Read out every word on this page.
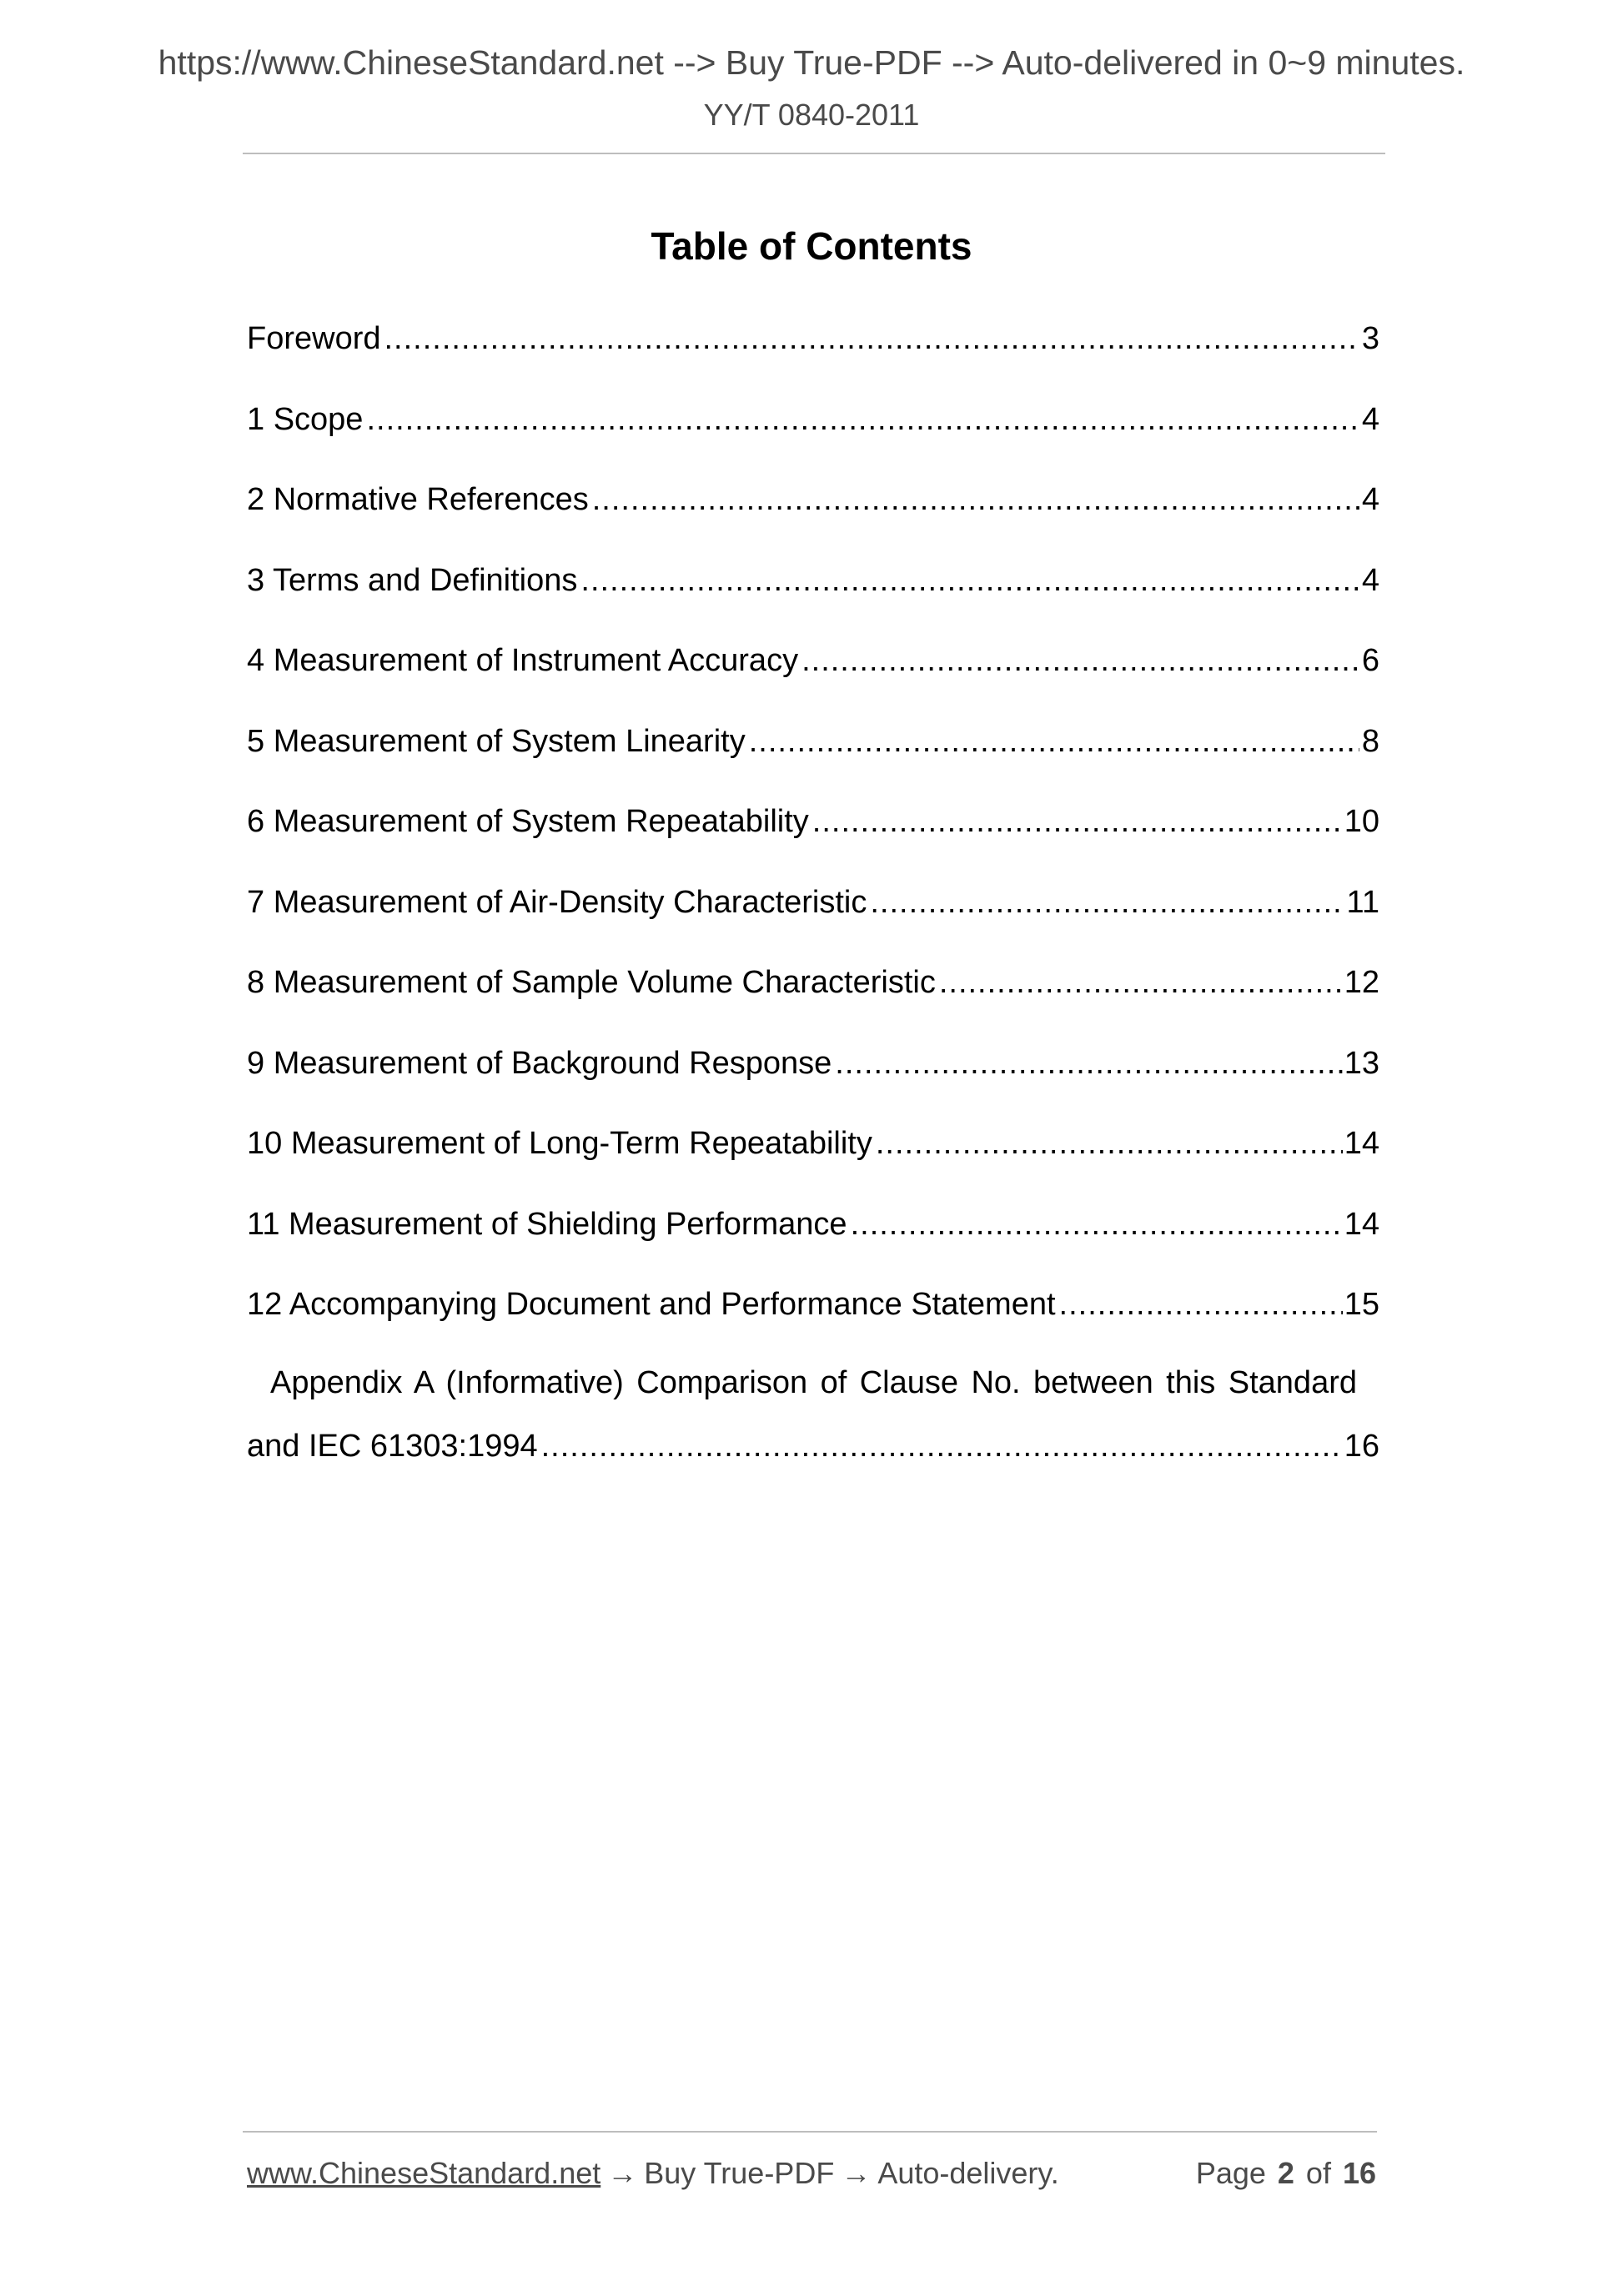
https://www.ChineseStandard.net --> Buy True-PDF --> Auto-delivered in 0~9 minutes.
YY/T 0840-2011
Table of Contents
Foreword .....	3
1 Scope .....	4
2 Normative References .....	4
3 Terms and Definitions .....	4
4 Measurement of Instrument Accuracy .....	6
5 Measurement of System Linearity .....	8
6 Measurement of System Repeatability .....	10
7 Measurement of Air-Density Characteristic .....	11
8 Measurement of Sample Volume Characteristic .....	12
9 Measurement of Background Response .....	13
10 Measurement of Long-Term Repeatability .....	14
11 Measurement of Shielding Performance .....	14
12 Accompanying Document and Performance Statement .....	15
Appendix A (Informative) Comparison of Clause No. between this Standard
and IEC 61303:1994 .....	16
www.ChineseStandard.net → Buy True-PDF → Auto-delivery.	Page 2 of 16
